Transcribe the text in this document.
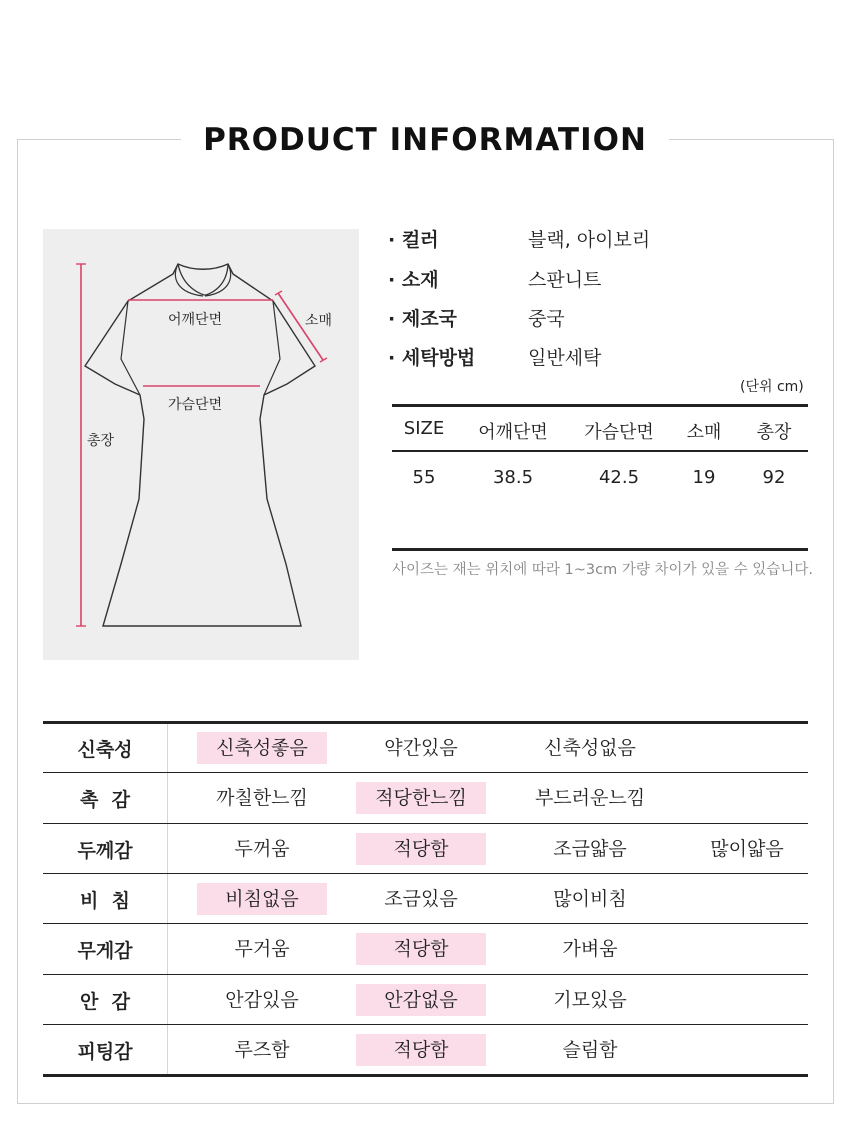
PRODUCT INFORMATION
어깨단면	소매
가슴단면
총장
· 컬러	블랙, 아이보리
· 소재	스판니트
· 제조국	중국
· 세탁방법	일반세탁
(단위 cm)
SIZE	어깨단면	가슴단면	소매	총장
55	38.5	42.5	19	92
사이즈는 재는 위치에 따라 1~3cm 가량 차이가 있을 수 있습니다.
신축성	신축성좋음	약간있음	신축성없음
촉  감	까칠한느낌	적당한느낌	부드러운느낌
두께감	두꺼움	적당함	조금얇음	많이얇음
비  침	비침없음	조금있음	많이비침
무게감	무거움	적당함	가벼움
안  감	안감있음	안감없음	기모있음
피팅감	루즈함	적당함	슬림함
